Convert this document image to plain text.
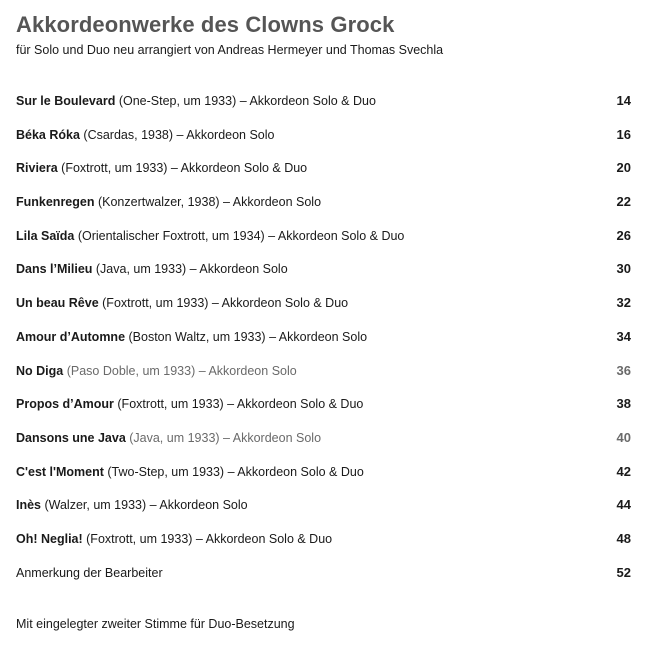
Akkordeonwerke des Clowns Grock
für Solo und Duo neu arrangiert von Andreas Hermeyer und Thomas Svechla
Sur le Boulevard (One-Step, um 1933) – Akkordeon Solo & Duo	14
Béka Róka (Csardas, 1938) – Akkordeon Solo	16
Riviera (Foxtrott, um 1933) – Akkordeon Solo & Duo	20
Funkenregen (Konzertwalzer, 1938) – Akkordeon Solo	22
Lila Saïda (Orientalischer Foxtrott, um 1934) – Akkordeon Solo & Duo	26
Dans l’Milieu (Java, um 1933) – Akkordeon Solo	30
Un beau Rêve (Foxtrott, um 1933) – Akkordeon Solo & Duo	32
Amour d’Automne (Boston Waltz, um 1933) – Akkordeon Solo	34
No Diga (Paso Doble, um 1933) – Akkordeon Solo	36
Propos d’Amour (Foxtrott, um 1933) – Akkordeon Solo & Duo	38
Dansons une Java (Java, um 1933) – Akkordeon Solo	40
C'est l'Moment (Two-Step, um 1933) – Akkordeon Solo & Duo	42
Inès (Walzer, um 1933) – Akkordeon Solo	44
Oh! Neglia! (Foxtrott, um 1933) – Akkordeon Solo & Duo	48
Anmerkung der Bearbeiter	52
Mit eingelegter zweiter Stimme für Duo-Besetzung
